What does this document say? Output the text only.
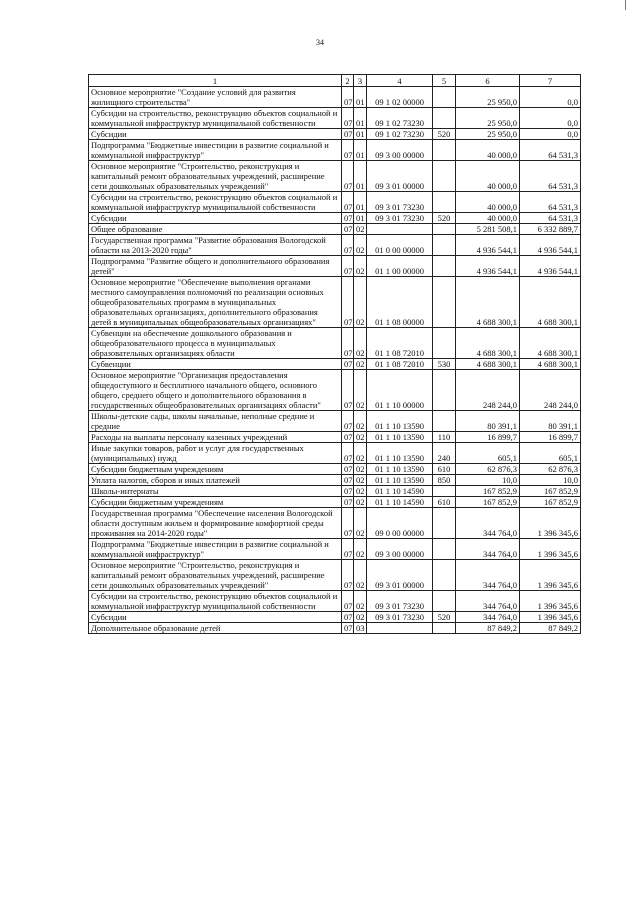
34
1	2	3	4	5	6	7
Основное мероприятие "Создание условий для развития жилищного строительства"	07	01	09 1 02 00000		25 950,0	0,0
Субсидии на строительство, реконструкцию объектов социальной и коммунальной инфраструктур муниципальной собственности	07	01	09 1 02 73230		25 950,0	0,0
Субсидии	07	01	09 1 02 73230	520	25 950,0	0,0
Подпрограмма "Бюджетные инвестиции в развитие социальной и коммунальной инфраструктур"	07	01	09 3 00 00000		40 000,0	64 531,3
Основное мероприятие "Строительство, реконструкция и капитальный ремонт образовательных учреждений, расширение сети дошкольных образовательных учреждений"	07	01	09 3 01 00000		40 000,0	64 531,3
Субсидии на строительство, реконструкцию объектов социальной и коммунальной инфраструктур муниципальной собственности	07	01	09 3 01 73230		40 000,0	64 531,3
Субсидии	07	01	09 3 01 73230	520	40 000,0	64 531,3
Общее образование	07	02			5 281 508,1	6 332 889,7
Государственная программа "Развитие образования Вологодской области на 2013-2020 годы"	07	02	01 0 00 00000		4 936 544,1	4 936 544,1
Подпрограмма "Развитие общего и дополнительного образования детей"	07	02	01 1 00 00000		4 936 544,1	4 936 544,1
Основное мероприятие "Обеспечение выполнения органами местного самоуправления полномочий по реализации основных общеобразовательных программ в муниципальных образовательных организациях, дополнительного образования детей в муниципальных общеобразовательных организациях"	07	02	01 1 08 00000		4 688 300,1	4 688 300,1
Субвенции на обеспечение дошкольного образования и общеобразовательного процесса в муниципальных образовательных организациях области	07	02	01 1 08 72010		4 688 300,1	4 688 300,1
Субвенции	07	02	01 1 08 72010	530	4 688 300,1	4 688 300,1
Основное мероприятие "Организация предоставления общедоступного и бесплатного начального общего, основного общего, среднего общего и дополнительного образования в государственных общеобразовательных организациях области"	07	02	01 1 10 00000		248 244,0	248 244,0
Школы-детские сады, школы начальные, неполные средние и средние	07	02	01 1 10 13590		80 391,1	80 391,1
Расходы на выплаты персоналу казенных учреждений	07	02	01 1 10 13590	110	16 899,7	16 899,7
Иные закупки товаров, работ и услуг для государственных (муниципальных) нужд	07	02	01 1 10 13590	240	605,1	605,1
Субсидии бюджетным учреждениям	07	02	01 1 10 13590	610	62 876,3	62 876,3
Уплата налогов, сборов и иных платежей	07	02	01 1 10 13590	850	10,0	10,0
Школы-интернаты	07	02	01 1 10 14590		167 852,9	167 852,9
Субсидии бюджетным учреждениям	07	02	01 1 10 14590	610	167 852,9	167 852,9
Государственная программа "Обеспечение населения Вологодской области доступным жильем и формирование комфортной среды проживания на 2014-2020 годы"	07	02	09 0 00 00000		344 764,0	1 396 345,6
Подпрограмма "Бюджетные инвестиции в развитие социальной и коммунальной инфраструктур"	07	02	09 3 00 00000		344 764,0	1 396 345,6
Основное мероприятие "Строительство, реконструкция и капитальный ремонт образовательных учреждений, расширение сети дошкольных образовательных учреждений"	07	02	09 3 01 00000		344 764,0	1 396 345,6
Субсидии на строительство, реконструкцию объектов социальной и коммунальной инфраструктур муниципальной собственности	07	02	09 3 01 73230		344 764,0	1 396 345,6
Субсидии	07	02	09 3 01 73230	520	344 764,0	1 396 345,6
Дополнительное образование детей	07	03			87 849,2	87 849,2
